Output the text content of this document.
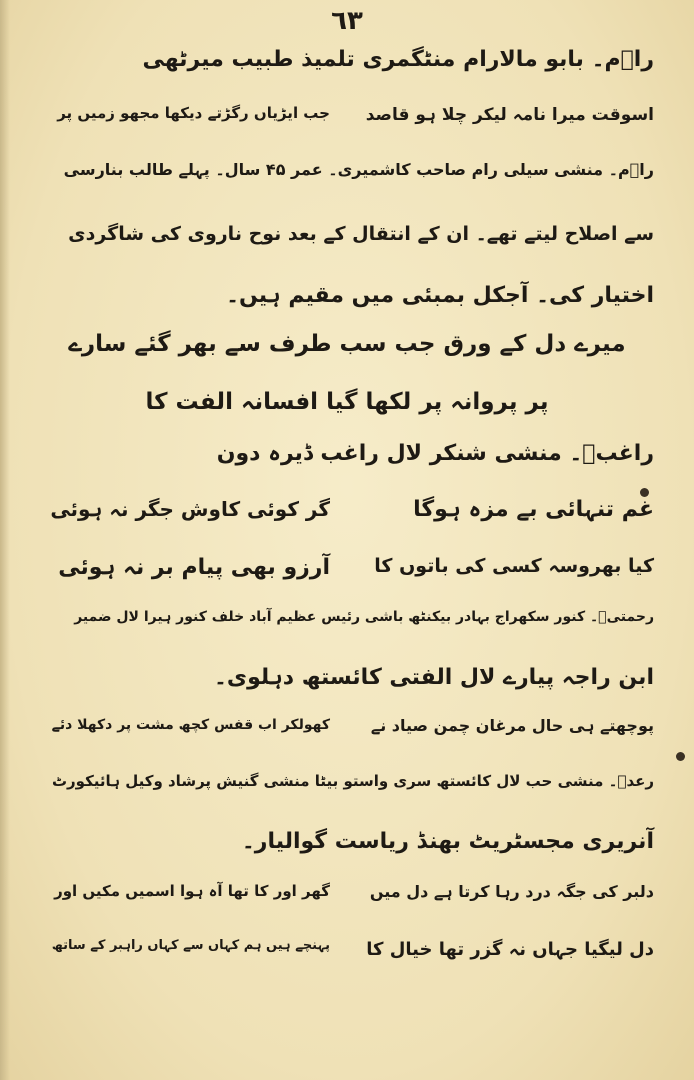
٦٣
راؔم۔ بابو مالارام منٹگمری تلمیذ طبیب میرٹھی
اسوقت میرا نامہ لیکر چلا ہو قاصد
جب ایڑیاں رگڑتے دیکھا مجھو زمیں پر
راؔم۔ منشی سیلی رام صاحب کاشمیری۔ عمر ۴۵ سال۔ پہلے طالب بنارسی
سے اصلاح لیتے تھے۔ ان کے انتقال کے بعد نوح ناروی کی شاگردی
اختیار کی۔ آجکل بمبئی میں مقیم ہیں۔
میرے دل کے ورق جب سب طرف سے بھر گئے سارے
پر پروانہ پر لکھا گیا افسانہ الفت کا
راغبؔ۔ منشی شنکر لال راغب ڈیرہ دون
غم تنہائی بے مزہ ہوگا
گر کوئی کاوش جگر نہ ہوئی
کیا بھروسہ کسی کی باتوں کا
آرزو بھی پیام بر نہ ہوئی
رحمتیؔ۔ کنور سکھراج بہادر بیکنٹھ باشی رئیس عظیم آباد خلف کنور ہیرا لال ضمیر
ابن راجہ پیارے لال الفتی کائستھ دہلوی۔
پوچھتے ہی حال مرغان چمن صیاد نے
کھولکر اب قفس کچھ مشت پر دکھلا دئے
رعدؔ۔ منشی حب لال کائستھ سری واستو بیٹا منشی گنیش پرشاد وکیل ہائیکورٹ
آنریری مجسٹریٹ بھنڈ ریاست گوالیار۔
دلبر کی جگہ درد رہا کرتا ہے دل میں
گھر اور کا تھا آہ ہوا اسمیں مکیں اور
دل لیگیا جہاں نہ گزر تھا خیال کا
پہنچے ہیں ہم کہاں سے کہاں راہبر کے ساتھ
